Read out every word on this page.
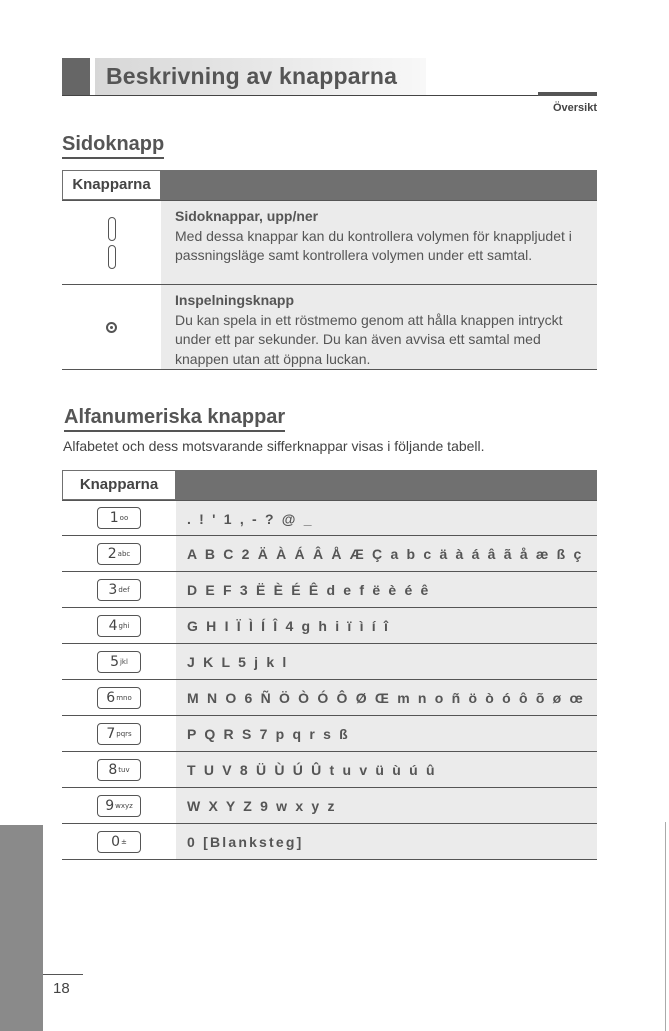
Beskrivning av knapparna
Översikt
Sidoknapp
Knapparna
Sidoknappar, upp/ner
Med dessa knappar kan du kontrollera volymen för knappljudet i passningsläge samt kontrollera volymen under ett samtal.
Inspelningsknapp
Du kan spela in ett röstmemo genom att hålla knappen intryckt under ett par sekunder. Du kan även avvisa ett samtal med knappen utan att öppna luckan.
Alfanumeriska knappar
Alfabetet och dess motsvarande sifferknappar visas i följande tabell.
Knapparna
1 oo	. ! ' 1 , - ? @ _
2 abc	A B C 2 Ä À Á Â Å Æ Ç a b c ä à á â ã å æ ß ç
3 def	D E F 3 Ë È É Ê d e f ë è é ê
4 ghi	G H I Ï Ì Í Î 4 g h i ï ì í î
5 jkl	J K L 5 j k l
6 mno	M N O 6 Ñ Ö Ò Ó Ô Ø Œ m n o ñ ö ò ó ô õ ø œ
7 pqrs	P Q R S 7 p q r s ß
8 tuv	T U V 8 Ü Ù Ú Û t u v ü ù ú û
9 wxyz	W X Y Z 9 w x y z
0 ±	0 [Blanksteg]
18
